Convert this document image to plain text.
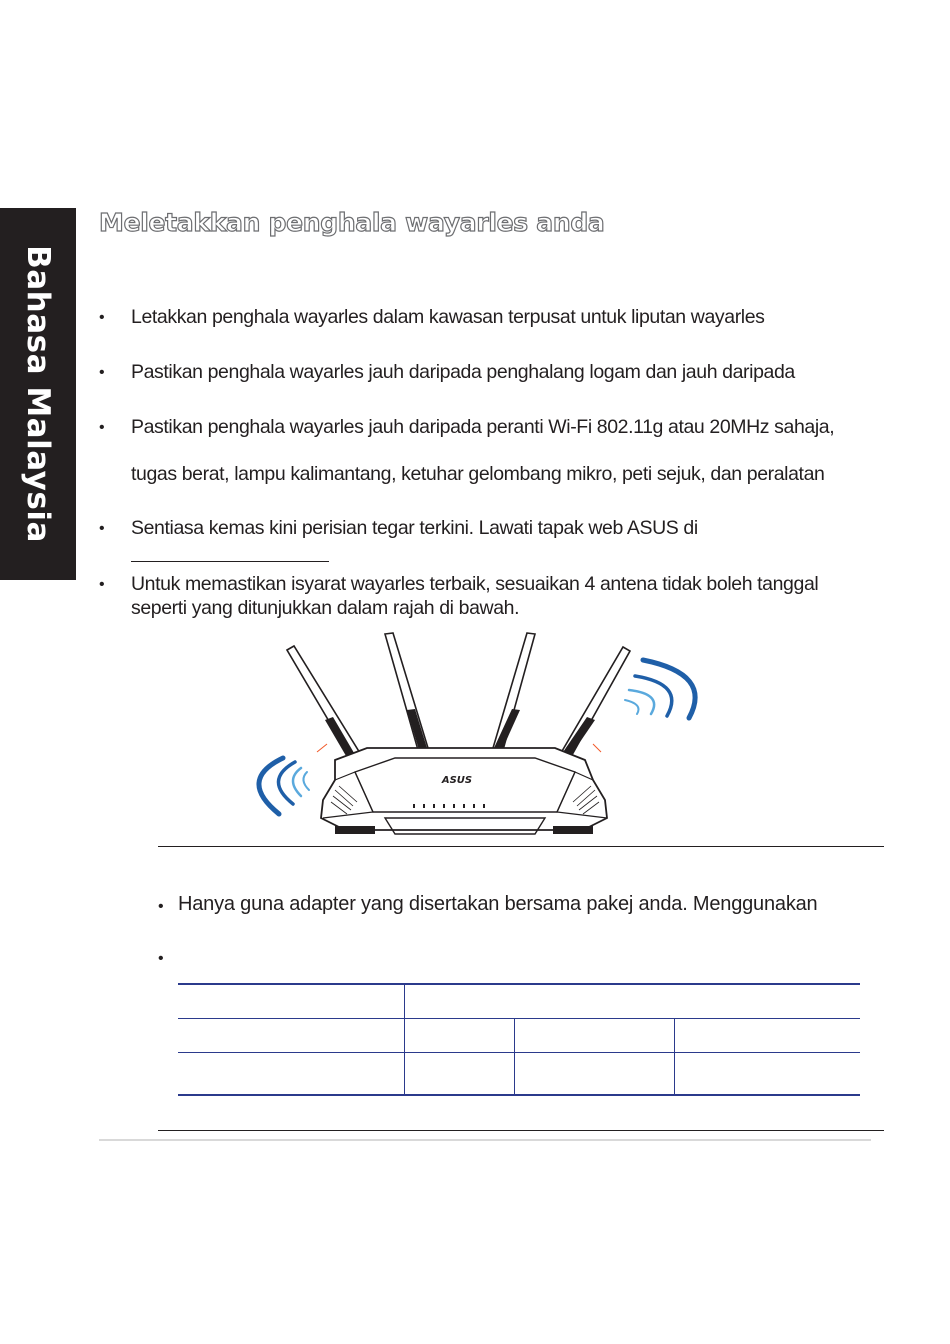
Bahasa Malaysia
Meletakkan penghala wayarles anda
• Letakkan penghala wayarles dalam kawasan terpusat untuk liputan wayarles
• Pastikan penghala wayarles jauh daripada penghalang logam dan jauh daripada
• Pastikan penghala wayarles jauh daripada peranti Wi-Fi 802.11g atau 20MHz sahaja,
tugas berat, lampu kalimantang, ketuhar gelombang mikro, peti sejuk, dan peralatan
• Sentiasa kemas kini perisian tegar terkini. Lawati tapak web ASUS di
• Untuk memastikan isyarat wayarles terbaik, sesuaikan 4 antena tidak boleh tanggal
seperti yang ditunjukkan dalam rajah di bawah.
ASUS
• Hanya guna adapter yang disertakan bersama pakej anda. Menggunakan
•
